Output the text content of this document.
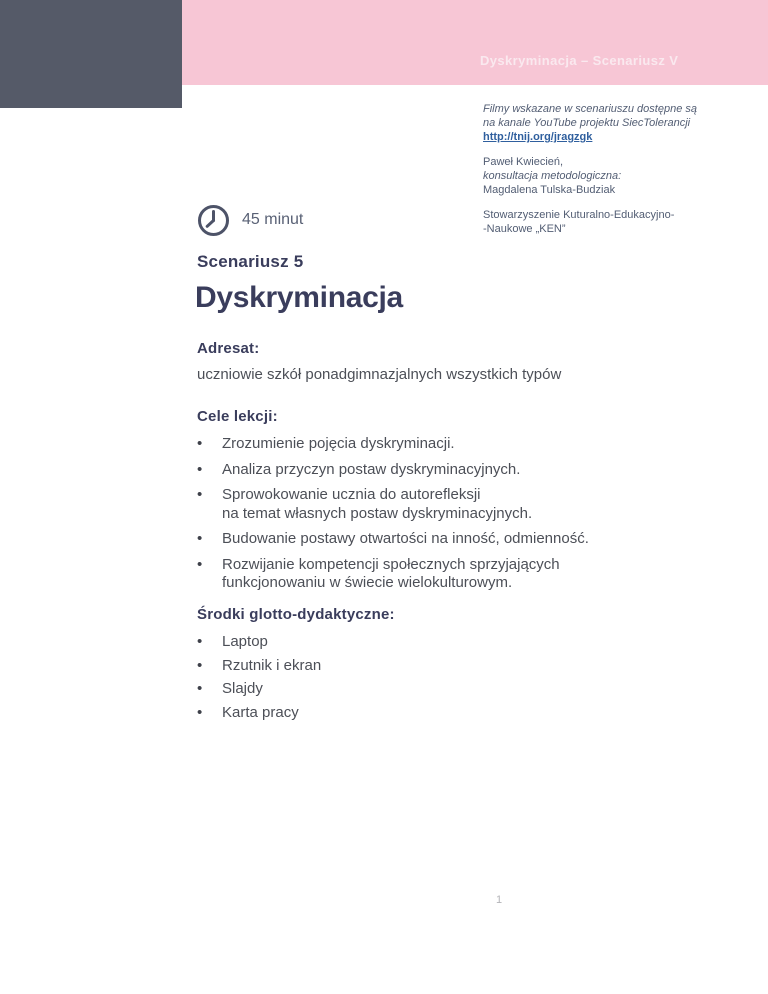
Dyskryminacja – Scenariusz V
Filmy wskazane w scenariuszu dostępne są
na kanale YouTube projektu SiecTolerancji
http://tnij.org/jragzgk
Paweł Kwiecień,
konsultacja metodologiczna:
Magdalena Tulska-Budziak
Stowarzyszenie Kuturalno-Edukacyjno-
-Naukowe „KEN”
45 minut
Scenariusz 5
Dyskryminacja
Adresat:

uczniowie szkół ponadgimnazjalnych wszystkich typów

Cele lekcji:
•	Zrozumienie pojęcia dyskryminacji.
•	Analiza przyczyn postaw dyskryminacyjnych.
•	Sprowokowanie ucznia do autorefleksji
na temat własnych postaw dyskryminacyjnych.
•	Budowanie postawy otwartości na inność, odmienność.
•	Rozwijanie kompetencji społecznych sprzyjających
funkcjonowaniu w świecie wielokulturowym.
Środki glotto-dydaktyczne:
•	Laptop
•	Rzutnik i ekran
•	Slajdy
•	Karta pracy
1
